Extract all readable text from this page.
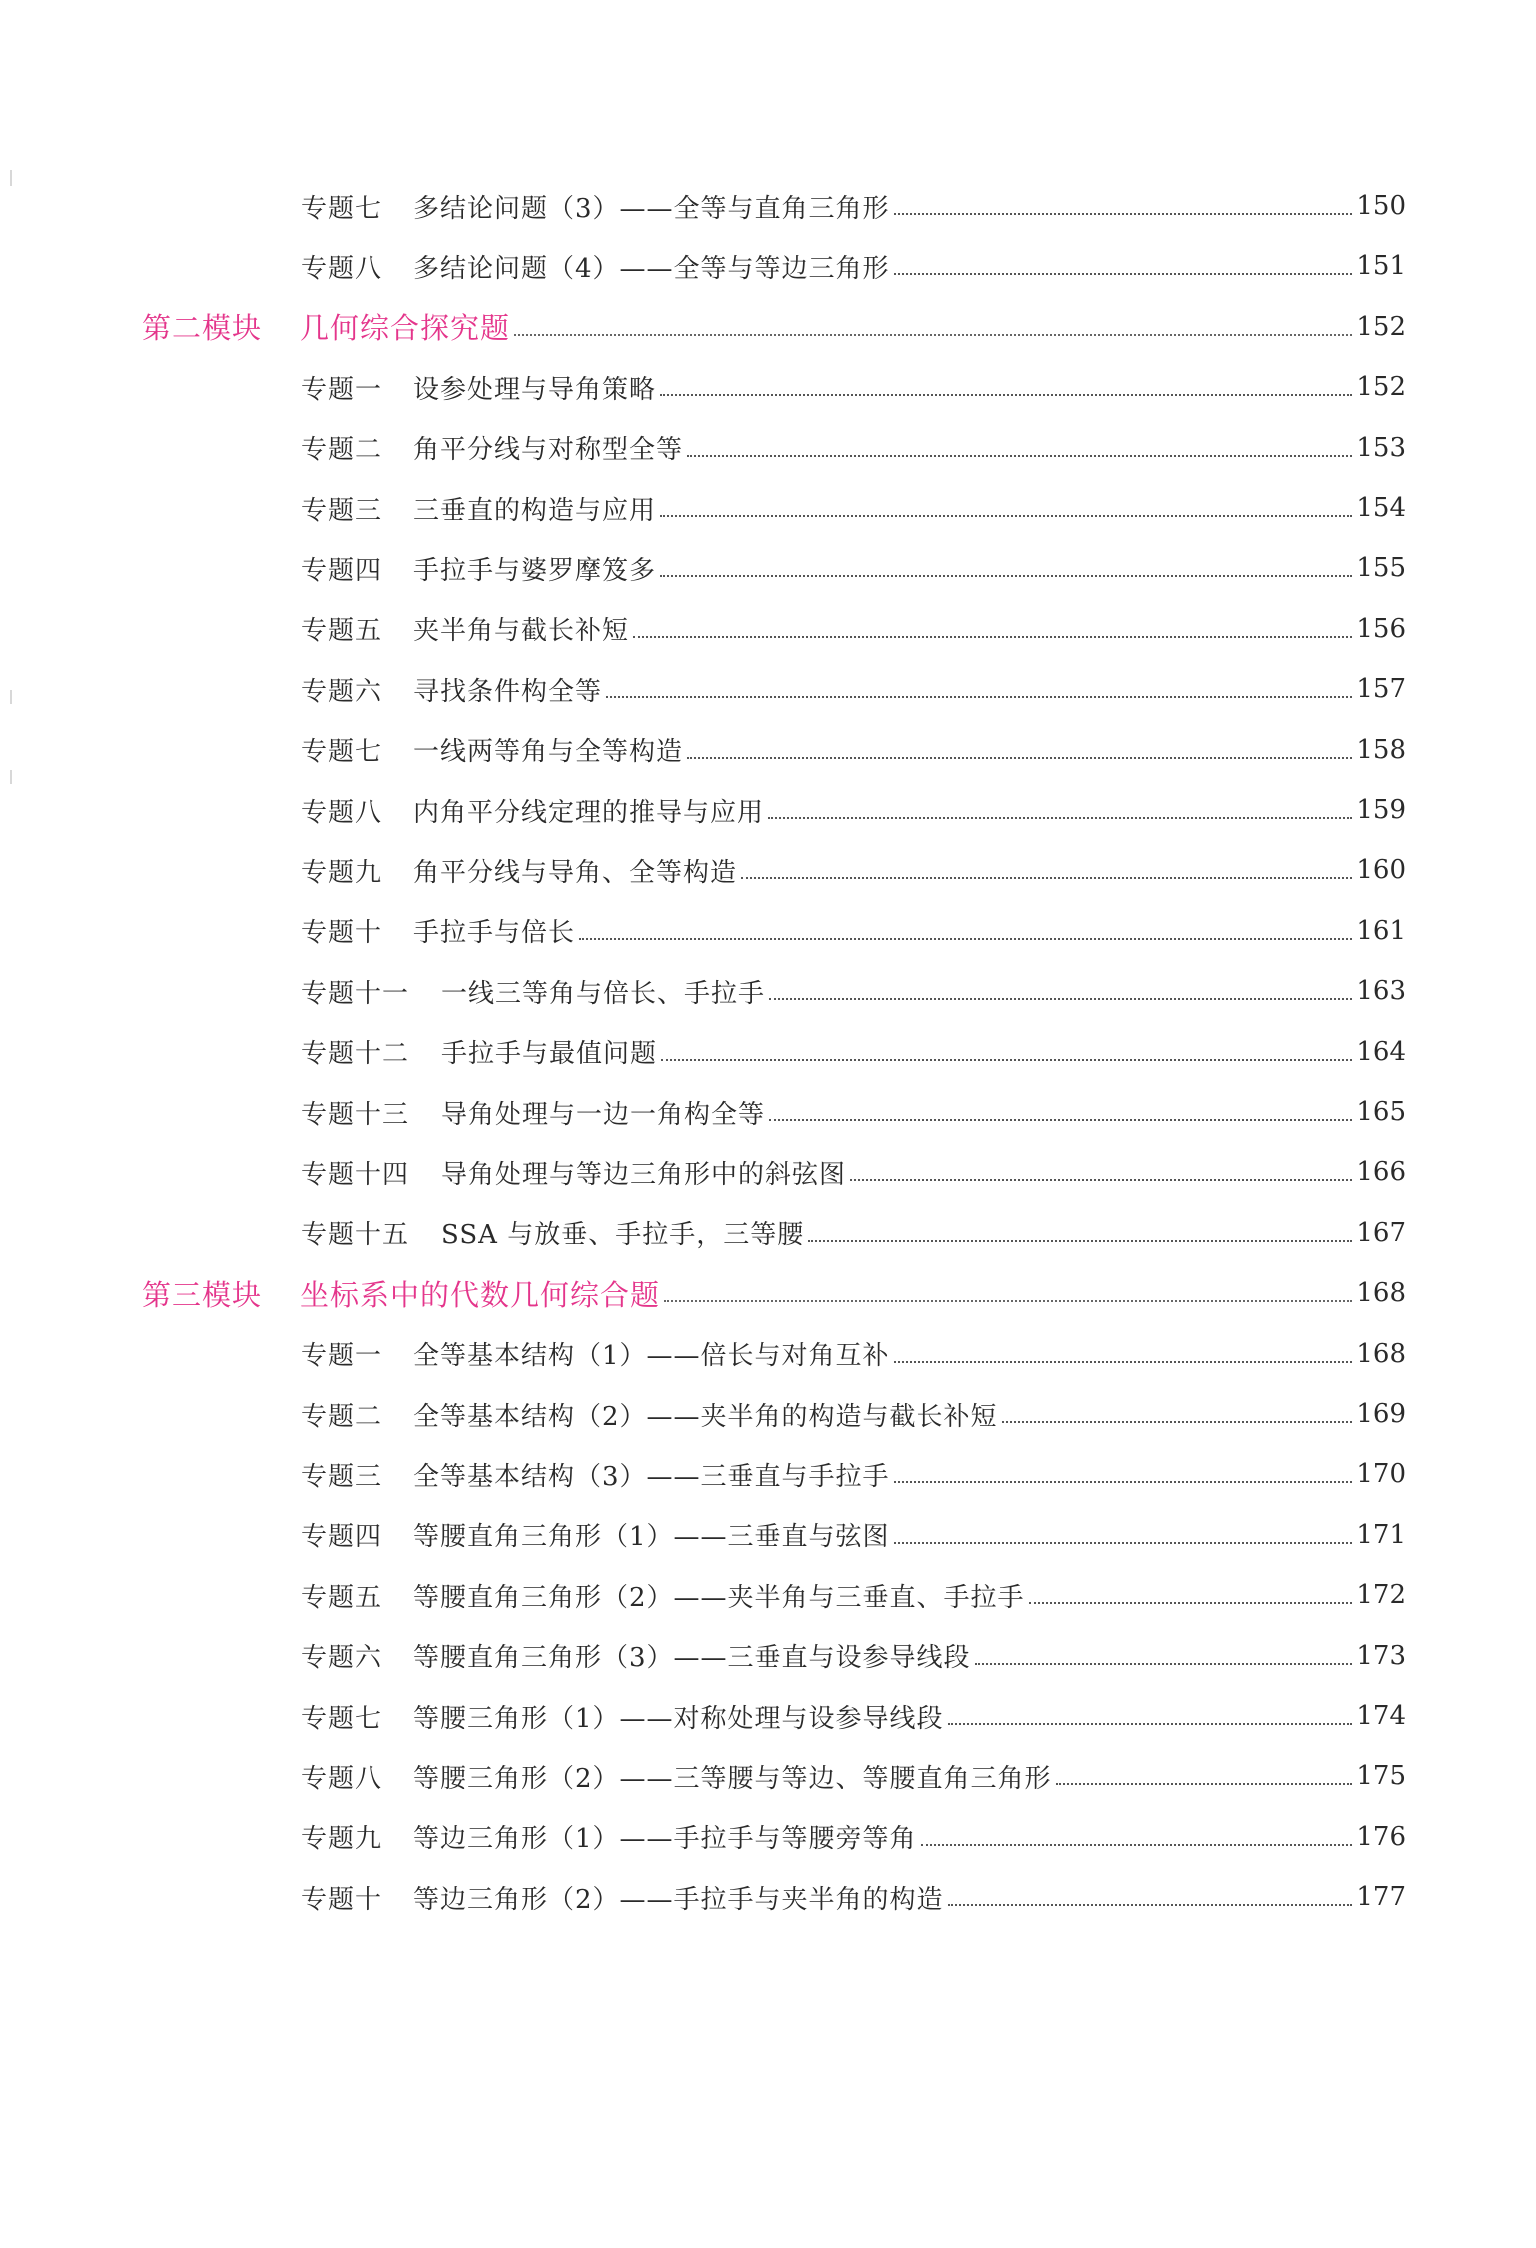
专题七	多结论问题（3）——全等与直角三角形	150
专题八	多结论问题（4）——全等与等边三角形	151
第二模块	几何综合探究题	152
专题一	设参处理与导角策略	152
专题二	角平分线与对称型全等	153
专题三	三垂直的构造与应用	154
专题四	手拉手与婆罗摩笈多	155
专题五	夹半角与截长补短	156
专题六	寻找条件构全等	157
专题七	一线两等角与全等构造	158
专题八	内角平分线定理的推导与应用	159
专题九	角平分线与导角、全等构造	160
专题十	手拉手与倍长	161
专题十一	一线三等角与倍长、手拉手	163
专题十二	手拉手与最值问题	164
专题十三	导角处理与一边一角构全等	165
专题十四	导角处理与等边三角形中的斜弦图	166
专题十五	SSA 与放垂、手拉手，三等腰	167
第三模块	坐标系中的代数几何综合题	168
专题一	全等基本结构（1）——倍长与对角互补	168
专题二	全等基本结构（2）——夹半角的构造与截长补短	169
专题三	全等基本结构（3）——三垂直与手拉手	170
专题四	等腰直角三角形（1）——三垂直与弦图	171
专题五	等腰直角三角形（2）——夹半角与三垂直、手拉手	172
专题六	等腰直角三角形（3）——三垂直与设参导线段	173
专题七	等腰三角形（1）——对称处理与设参导线段	174
专题八	等腰三角形（2）——三等腰与等边、等腰直角三角形	175
专题九	等边三角形（1）——手拉手与等腰旁等角	176
专题十	等边三角形（2）——手拉手与夹半角的构造	177
